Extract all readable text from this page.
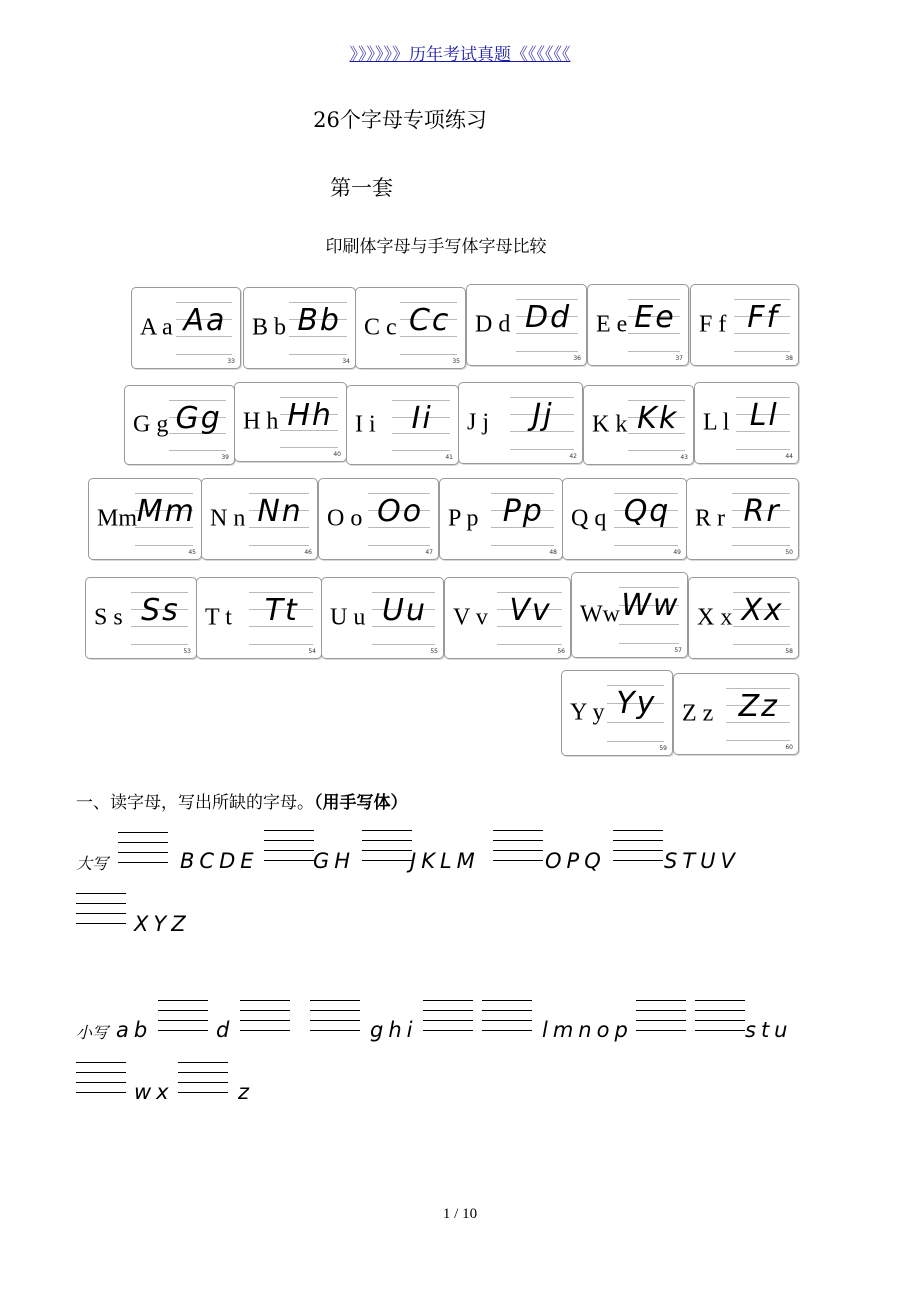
》》》》》》历年考试真题《《《《《《
26个字母专项练习
第一套
印刷体字母与手写体字母比较
A a Aa
33
B b Bb
34
C c Cc
35
D d Dd
36
E e Ee
37
F f Ff
38
G g Gg
39
H h Hh
40
I i	Ii
41
J j	Jj
42
K k Kk
43
L l Ll
44
Mm Mm
45
N n Nn
46
O o Oo
47
P p Pp
48
Q q Qq
49
R r Rr
50
S s Ss
53
T t	Tt
54
U u Uu
55
V v Vv
56
Ww Ww
57
X x Xx
58
Y y Yy
59
Z z Zz
60
一、读字母，写出所缺的字母。（用手写体）
大写	BCDE	GH	JKLM	OPQ	STUV
XYZ
小写 ab	d	ghi	lmnop	stu
wx	z
1 / 10
